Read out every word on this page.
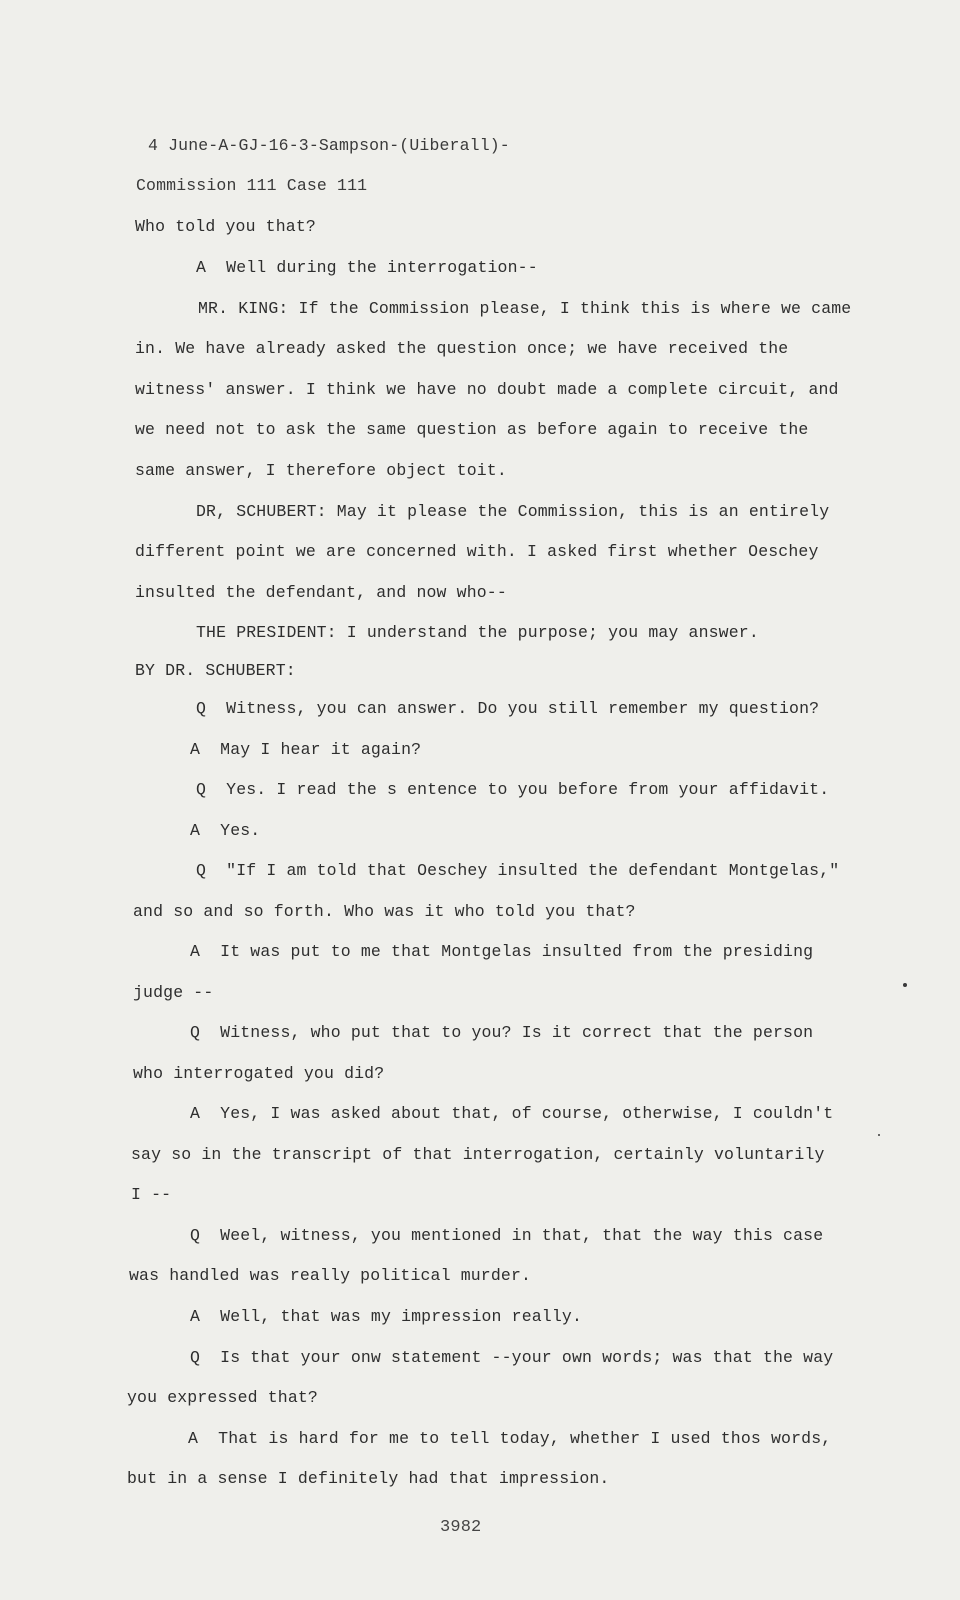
4 June-A-GJ-16-3-Sampson-(Uiberall)-
Commission 111 Case 111
Who told you that?
A  Well during the interrogation--
MR. KING: If the Commission please, I think this is where we came
in. We have already asked the question once; we have received the
witness' answer. I think we have no doubt made a complete circuit, and
we need not to ask the same question as before again to receive the
same answer, I therefore object toit.
DR, SCHUBERT: May it please the Commission, this is an entirely
different point we are concerned with. I asked first whether Oeschey
insulted the defendant, and now who--
THE PRESIDENT: I understand the purpose; you may answer.
BY DR. SCHUBERT:
Q  Witness, you can answer. Do you still remember my question?
A  May I hear it again?
Q  Yes. I read the s entence to you before from your affidavit.
A  Yes.
Q  "If I am told that Oeschey insulted the defendant Montgelas,"
and so and so forth. Who was it who told you that?
A  It was put to me that Montgelas insulted from the presiding
judge --
Q  Witness, who put that to you? Is it correct that the person
who interrogated you did?
A  Yes, I was asked about that, of course, otherwise, I couldn't
say so in the transcript of that interrogation, certainly voluntarily
I --
Q  Weel, witness, you mentioned in that, that the way this case
was handled was really political murder.
A  Well, that was my impression really.
Q  Is that your onw statement --your own words; was that the way
you expressed that?
A  That is hard for me to tell today, whether I used thos words,
but in a sense I definitely had that impression.
3982
